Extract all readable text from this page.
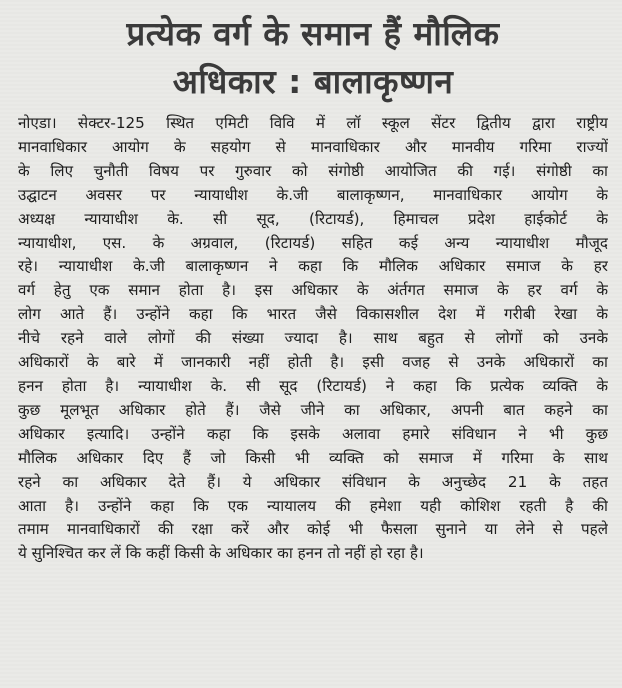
प्रत्येक वर्ग के समान हैं मौलिक
अधिकार : बालाकृष्णन
नोएडा। सेक्टर-125 स्थित एमिटी विवि में लॉ स्कूल सेंटर द्वितीय द्वारा राष्ट्रीय
मानवाधिकार आयोग के सहयोग से मानवाधिकार और मानवीय गरिमा राज्यों
के लिए चुनौती विषय पर गुरुवार को संगोष्ठी आयोजित की गई। संगोष्ठी का
उद्घाटन अवसर पर न्यायाधीश के.जी बालाकृष्णन, मानवाधिकार आयोग के
अध्यक्ष न्यायाधीश के. सी सूद, (रिटायर्ड), हिमाचल प्रदेश हाईकोर्ट के
न्यायाधीश, एस. के अग्रवाल, (रिटायर्ड) सहित कई अन्य न्यायाधीश मौजूद
रहे। न्यायाधीश के.जी बालाकृष्णन ने कहा कि मौलिक अधिकार समाज के हर
वर्ग हेतु एक समान होता है। इस अधिकार के अंर्तगत समाज के हर वर्ग के
लोग आते हैं। उन्होंने कहा कि भारत जैसे विकासशील देश में गरीबी रेखा के
नीचे रहने वाले लोगों की संख्या ज्यादा है। साथ बहुत से लोगों को उनके
अधिकारों के बारे में जानकारी नहीं होती है। इसी वजह से उनके अधिकारों का
हनन होता है। न्यायाधीश के. सी सूद (रिटायर्ड) ने कहा कि प्रत्येक व्यक्ति के
कुछ मूलभूत अधिकार होते हैं। जैसे जीने का अधिकार, अपनी बात कहने का
अधिकार इत्यादि। उन्होंने कहा कि इसके अलावा हमारे संविधान ने भी कुछ
मौलिक अधिकार दिए हैं जो किसी भी व्यक्ति को समाज में गरिमा के साथ
रहने का अधिकार देते हैं। ये अधिकार संविधान के अनुच्छेद 21 के तहत
आता है। उन्होंने कहा कि एक न्यायालय की हमेशा यही कोशिश रहती है की
तमाम मानवाधिकारों की रक्षा करें और कोई भी फैसला सुनाने या लेने से पहले
ये सुनिश्चित कर लें कि कहीं किसी के अधिकार का हनन तो नहीं हो रहा है।
